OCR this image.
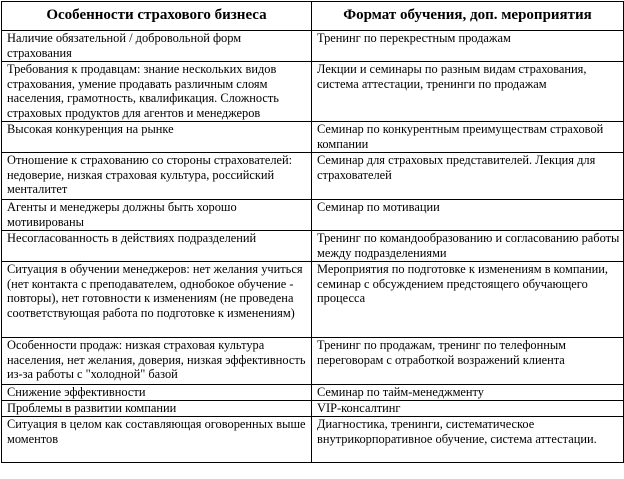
Особенности страхового бизнеса	Формат обучения, доп. мероприятия
Наличие обязательной / добровольной форм страхования	Тренинг по перекрестным продажам
Требования к продавцам: знание нескольких видов страхования, умение продавать различным слоям населения, грамотность, квалификация. Сложность страховых продуктов для агентов и менеджеров	Лекции и семинары по разным видам страхования, система аттестации, тренинги по продажам
Высокая конкуренция на рынке	Семинар по конкурентным преимуществам страховой компании
Отношение к страхованию со стороны страхователей: недоверие, низкая страховая культура, российский менталитет	Семинар для страховых представителей. Лекция для страхователей
Агенты и менеджеры должны быть хорошо мотивированы	Семинар по мотивации
Несогласованность в действиях подразделений	Тренинг по командообразованию и согласованию работы между подразделениями
Ситуация в обучении менеджеров: нет желания учиться (нет контакта с преподавателем, однобокое обучение - повторы), нет готовности к изменениям (не проведена соответствующая работа по подготовке к изменениям)	Мероприятия по подготовке к изменениям в компании, семинар с обсуждением предстоящего обучающего процесса
Особенности продаж: низкая страховая культура населения, нет желания, доверия, низкая эффективность из-за работы с "холодной" базой	Тренинг по продажам, тренинг по телефонным переговорам с отработкой возражений клиента
Снижение эффективности	Семинар по тайм-менеджменту
Проблемы в развитии компании	VIP-консалтинг
Ситуация в целом как составляющая оговоренных выше моментов	Диагностика, тренинги, систематическое внутрикорпоративное обучение, система аттестации.
